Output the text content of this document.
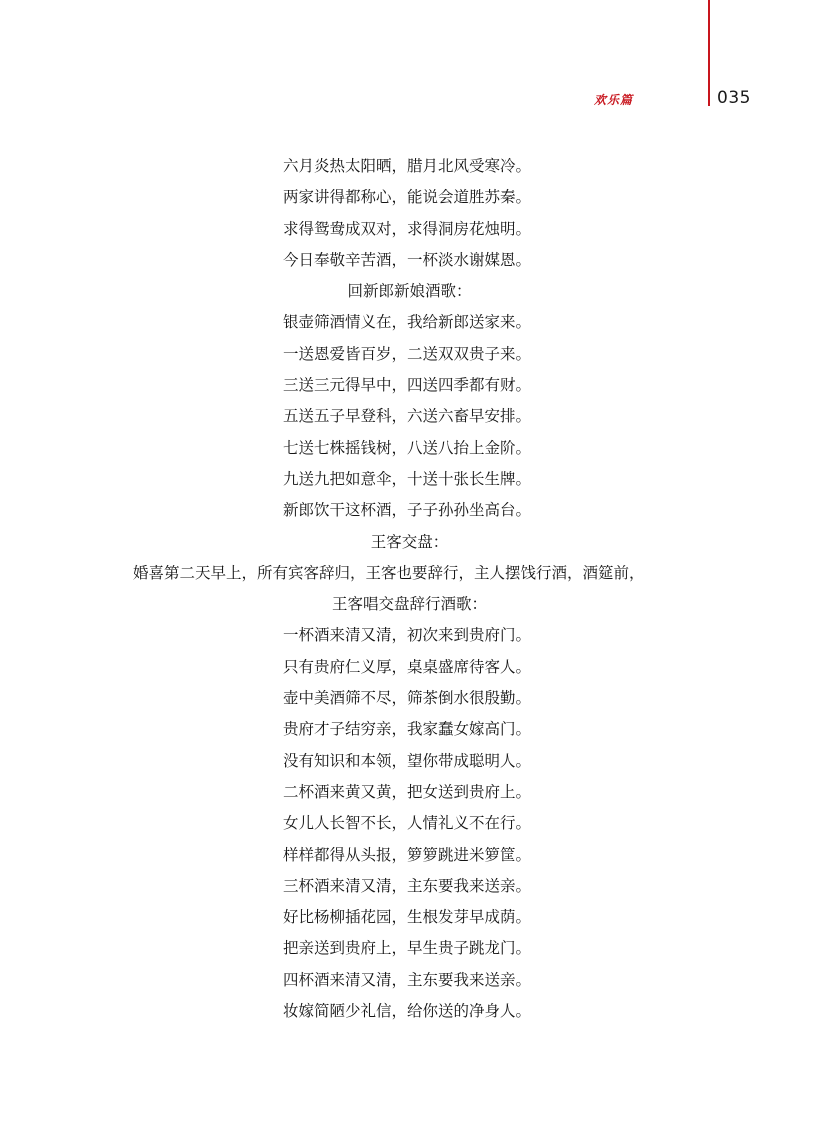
欢乐篇	035
六月炎热太阳晒，腊月北风受寒冷。
两家讲得都称心，能说会道胜苏秦。
求得鸳鸯成双对，求得洞房花烛明。
今日奉敬辛苦酒，一杯淡水谢媒恩。
回新郎新娘酒歌：
银壶筛酒情义在，我给新郎送家来。
一送恩爱皆百岁，二送双双贵子来。
三送三元得早中，四送四季都有财。
五送五子早登科，六送六畜早安排。
七送七株摇钱树，八送八抬上金阶。
九送九把如意伞，十送十张长生牌。
新郎饮干这杯酒，子子孙孙坐高台。
王客交盘：
婚喜第二天早上，所有宾客辞归，王客也要辞行，主人摆饯行酒，酒筵前，
王客唱交盘辞行酒歌：
一杯酒来清又清，初次来到贵府门。
只有贵府仁义厚，桌桌盛席待客人。
壶中美酒筛不尽，筛茶倒水很殷勤。
贵府才子结穷亲，我家蠢女嫁高门。
没有知识和本领，望你带成聪明人。
二杯酒来黄又黄，把女送到贵府上。
女儿人长智不长，人情礼义不在行。
样样都得从头报，箩箩跳进米箩筐。
三杯酒来清又清，主东要我来送亲。
好比杨柳插花园，生根发芽早成荫。
把亲送到贵府上，早生贵子跳龙门。
四杯酒来清又清，主东要我来送亲。
妆嫁简陋少礼信，给你送的净身人。
